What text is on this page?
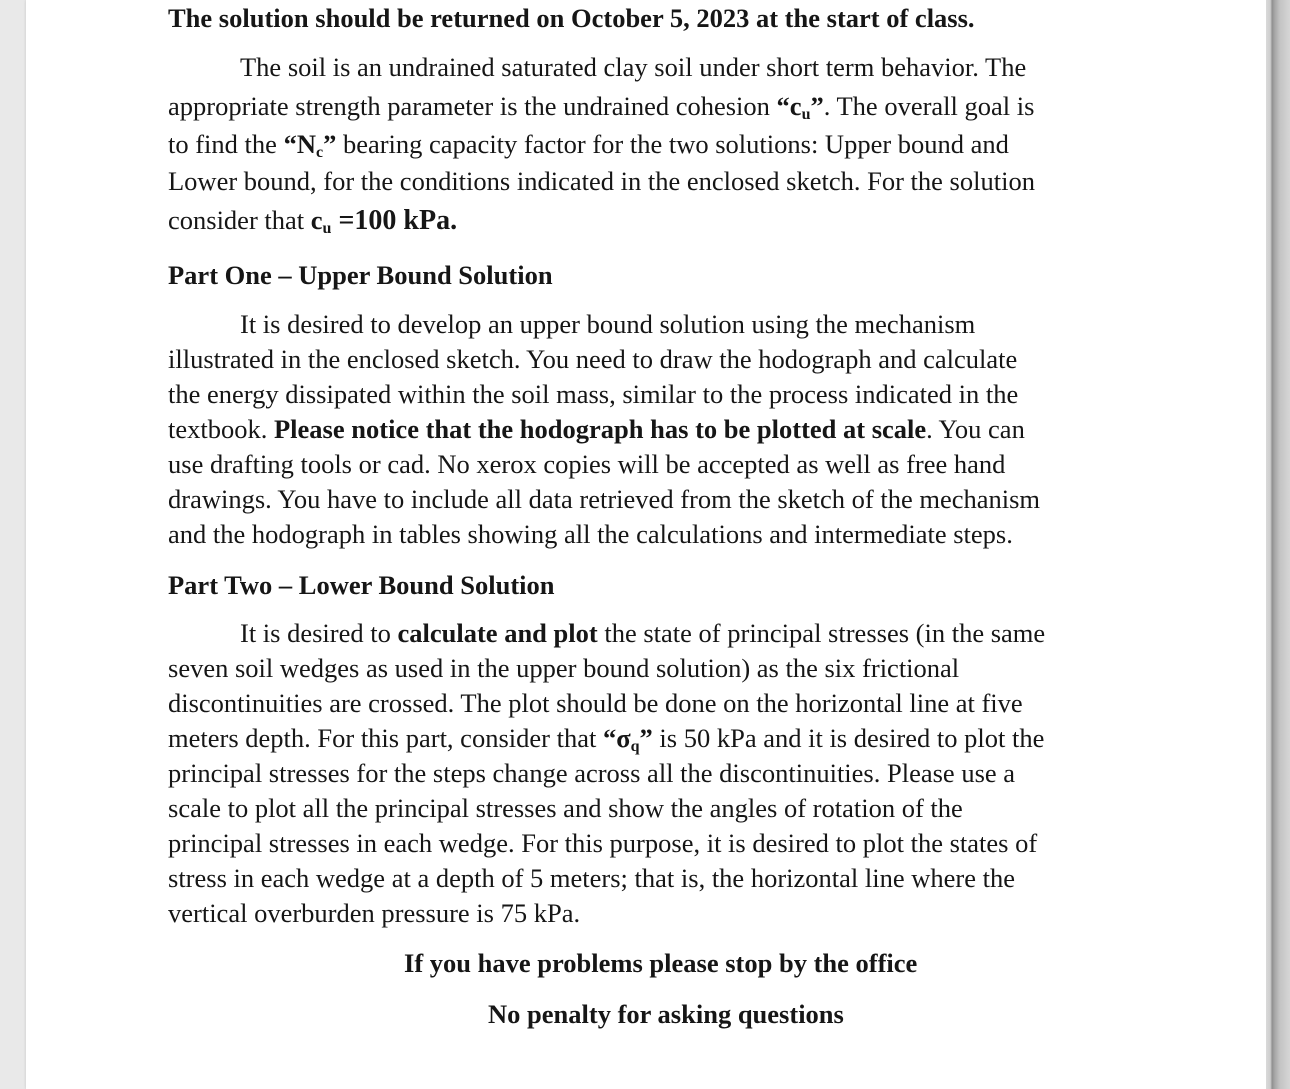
The solution should be returned on October 5, 2023 at the start of class.
The soil is an undrained saturated clay soil under short term behavior. The
appropriate strength parameter is the undrained cohesion “$c_u$”. The overall goal is
to find the “$N_c$” bearing capacity factor for the two solutions: Upper bound and
Lower bound, for the conditions indicated in the enclosed sketch. For the solution
consider that $c_u =100$ kPa.
Part One – Upper Bound Solution
It is desired to develop an upper bound solution using the mechanism
illustrated in the enclosed sketch. You need to draw the hodograph and calculate
the energy dissipated within the soil mass, similar to the process indicated in the
textbook. Please notice that the hodograph has to be plotted at scale. You can
use drafting tools or cad. No xerox copies will be accepted as well as free hand
drawings. You have to include all data retrieved from the sketch of the mechanism
and the hodograph in tables showing all the calculations and intermediate steps.
Part Two – Lower Bound Solution
It is desired to calculate and plot the state of principal stresses (in the same
seven soil wedges as used in the upper bound solution) as the six frictional
discontinuities are crossed. The plot should be done on the horizontal line at five
meters depth. For this part, consider that “$\sigma_q$” is 50 kPa and it is desired to plot the
principal stresses for the steps change across all the discontinuities. Please use a
scale to plot all the principal stresses and show the angles of rotation of the
principal stresses in each wedge. For this purpose, it is desired to plot the states of
stress in each wedge at a depth of 5 meters; that is, the horizontal line where the
vertical overburden pressure is 75 kPa.
If you have problems please stop by the office
No penalty for asking questions
